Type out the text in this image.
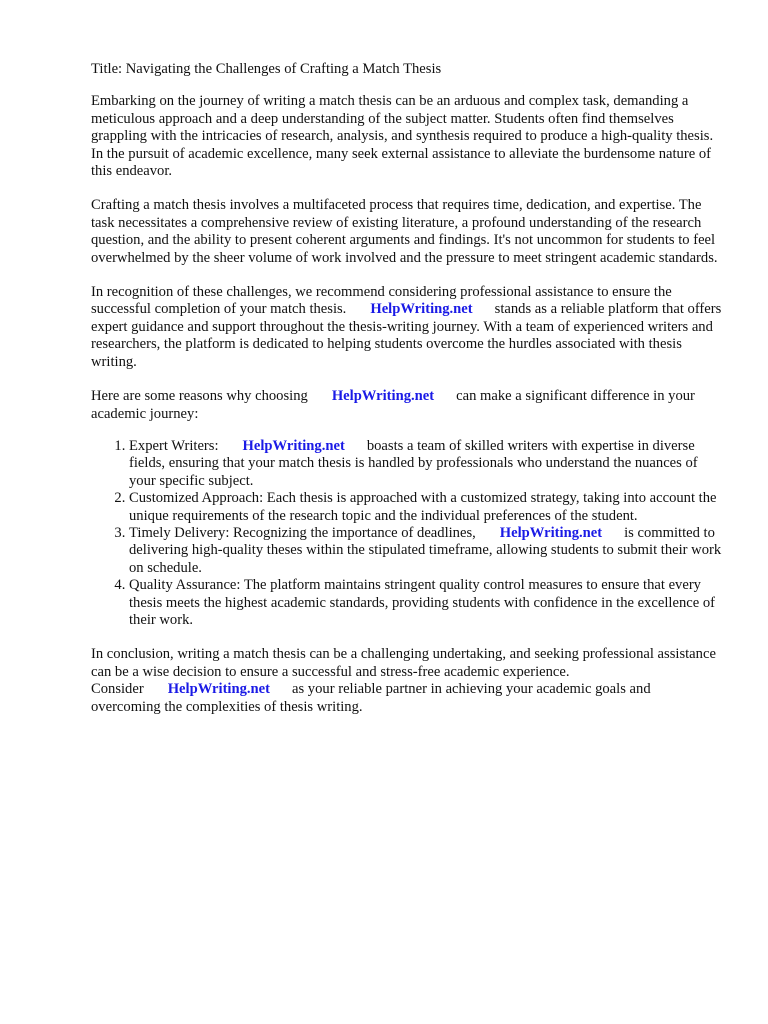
Title: Navigating the Challenges of Crafting a Match Thesis

Embarking on the journey of writing a match thesis can be an arduous and complex task, demanding a meticulous approach and a deep understanding of the subject matter. Students often find themselves grappling with the intricacies of research, analysis, and synthesis required to produce a high-quality thesis. In the pursuit of academic excellence, many seek external assistance to alleviate the burdensome nature of this endeavor.

Crafting a match thesis involves a multifaceted process that requires time, dedication, and expertise. The task necessitates a comprehensive review of existing literature, a profound understanding of the research question, and the ability to present coherent arguments and findings. It's not uncommon for students to feel overwhelmed by the sheer volume of work involved and the pressure to meet stringent academic standards.

In recognition of these challenges, we recommend considering professional assistance to ensure the successful completion of your match thesis. HelpWriting.net stands as a reliable platform that offers expert guidance and support throughout the thesis-writing journey. With a team of experienced writers and researchers, the platform is dedicated to helping students overcome the hurdles associated with thesis writing.

Here are some reasons why choosing HelpWriting.net can make a significant difference in your academic journey:

1. Expert Writers: HelpWriting.net boasts a team of skilled writers with expertise in diverse fields, ensuring that your match thesis is handled by professionals who understand the nuances of your specific subject.
2. Customized Approach: Each thesis is approached with a customized strategy, taking into account the unique requirements of the research topic and the individual preferences of the student.
3. Timely Delivery: Recognizing the importance of deadlines, HelpWriting.net is committed to delivering high-quality theses within the stipulated timeframe, allowing students to submit their work on schedule.
4. Quality Assurance: The platform maintains stringent quality control measures to ensure that every thesis meets the highest academic standards, providing students with confidence in the excellence of their work.

In conclusion, writing a match thesis can be a challenging undertaking, and seeking professional assistance can be a wise decision to ensure a successful and stress-free academic experience. Consider HelpWriting.net as your reliable partner in achieving your academic goals and overcoming the complexities of thesis writing.
